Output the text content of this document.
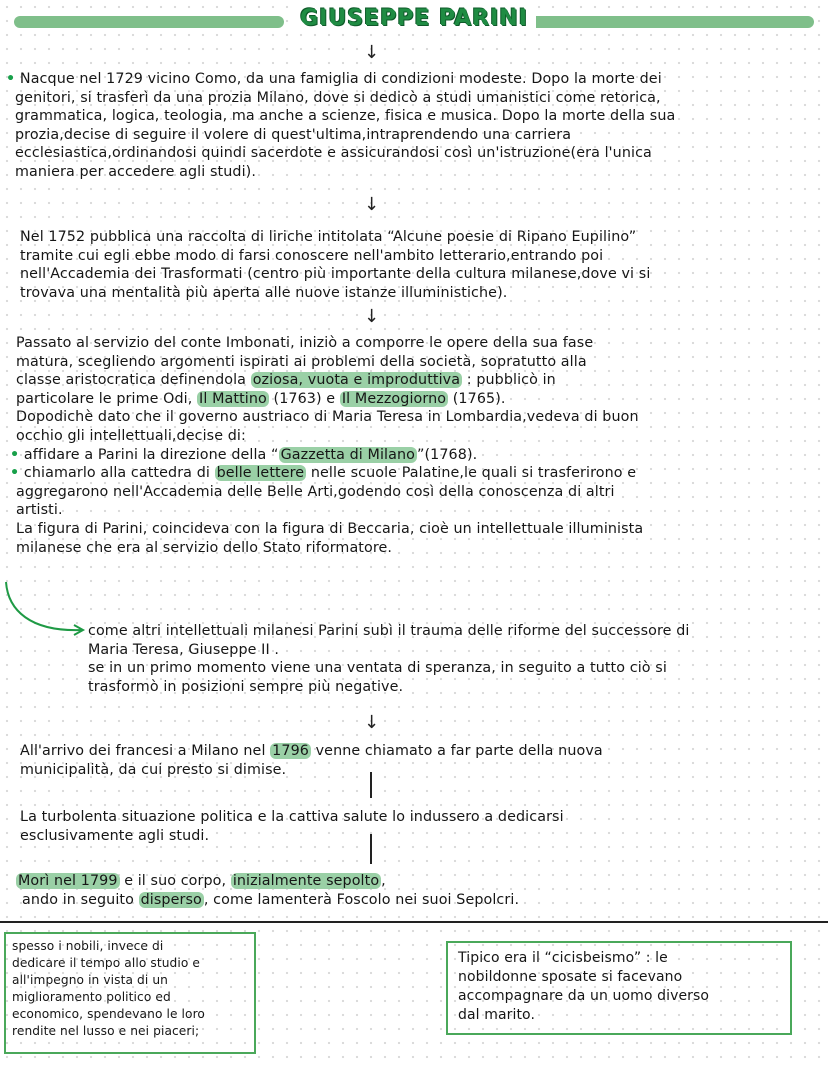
GIUSEPPE PARINI
↓
• Nacque nel 1729 vicino Como, da una famiglia di condizioni modeste. Dopo la morte dei
genitori, si trasferì da una prozia Milano, dove si dedicò a studi umanistici come retorica,
grammatica, logica, teologia, ma anche a scienze, fisica e musica. Dopo la morte della sua
prozia,decise di seguire il volere di quest'ultima,intraprendendo una carriera
ecclesiastica,ordinandosi quindi sacerdote e assicurandosi così un'istruzione(era l'unica
maniera per accedere agli studi).
↓
Nel 1752 pubblica una raccolta di liriche intitolata “Alcune poesie di Ripano Eupilino”
tramite cui egli ebbe modo di farsi conoscere nell'ambito letterario,entrando poi
nell'Accademia dei Trasformati (centro più importante della cultura milanese,dove vi si
trovava una mentalità più aperta alle nuove istanze illuministiche).
↓
Passato al servizio del conte Imbonati, iniziò a comporre le opere della sua fase
matura, scegliendo argomenti ispirati ai problemi della società, sopratutto alla
classe aristocratica definendola oziosa, vuota e improduttiva : pubblicò in
particolare le prime Odi, Il Mattino (1763) e Il Mezzogiorno (1765).
Dopodichè dato che il governo austriaco di Maria Teresa in Lombardia,vedeva di buon
occhio gli intellettuali,decise di:
• affidare a Parini la direzione della “ Gazzetta di Milano ”(1768).
• chiamarlo alla cattedra di belle lettere nelle scuole Palatine,le quali si trasferirono e
aggregarono nell'Accademia delle Belle Arti,godendo così della conoscenza di altri
artisti.
La figura di Parini, coincideva con la figura di Beccaria, cioè un intellettuale illuminista
milanese che era al servizio dello Stato riformatore.
come altri intellettuali milanesi Parini subì il trauma delle riforme del successore di
Maria Teresa, Giuseppe II .
se in un primo momento viene una ventata di speranza, in seguito a tutto ciò si
trasformò in posizioni sempre più negative.
↓
All'arrivo dei francesi a Milano nel 1796 venne chiamato a far parte della nuova
municipalità, da cui presto si dimise.
La turbolenta situazione politica e la cattiva salute lo indussero a dedicarsi
esclusivamente agli studi.
Morì nel 1799 e il suo corpo, inizialmente sepolto ,
ando in seguito disperso , come lamenterà Foscolo nei suoi Sepolcri.
spesso i nobili, invece di
dedicare il tempo allo studio e
all'impegno in vista di un
miglioramento politico ed
economico, spendevano le loro
rendite nel lusso e nei piaceri;
Tipico era il “cicisbeismo” : le
nobildonne sposate si facevano
accompagnare da un uomo diverso
dal marito.
